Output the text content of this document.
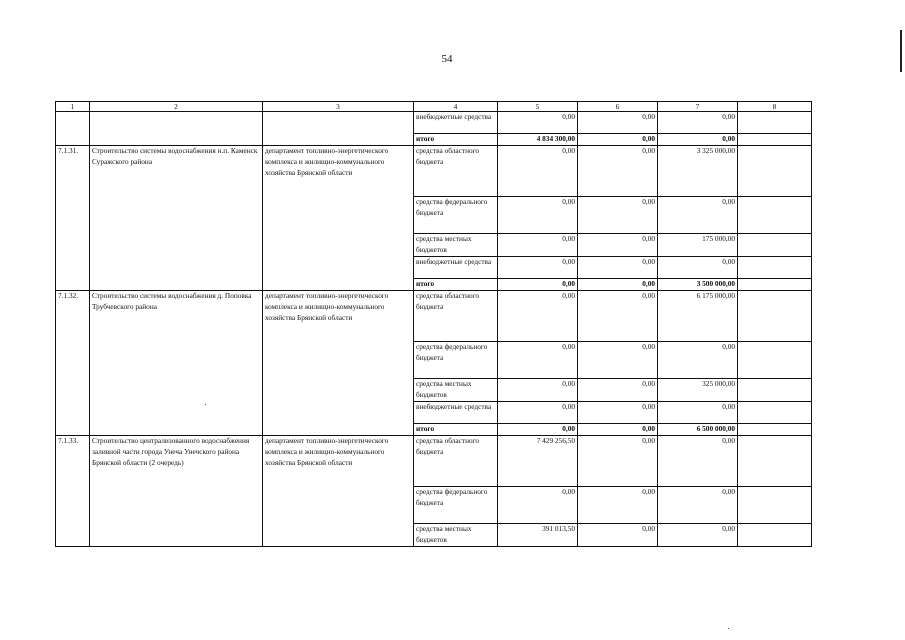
54
1	2	3	4	5	6	7	8
			внебюджетные средства	0,00	0,00	0,00	
			итого	4 834 300,00	0,00	0,00	
7.1.31.	Строительство системы водоснабжения н.п. Каменск Суражского района	департамент топливно-энергетического комплекса и жилищно-коммунального хозяйства Брянской области	средства областного бюджета	0,00	0,00	3 325 000,00	
			средства федерального бюджета	0,00	0,00	0,00	
			средства местных бюджетов	0,00	0,00	175 000,00	
			внебюджетные средства	0,00	0,00	0,00	
			итого	0,00	0,00	3 500 000,00	
7.1.32.	Строительство системы водоснабжения д. Поповка Трубчевского района	департамент топливно-энергетического комплекса и жилищно-коммунального хозяйства Брянской области	средства областного бюджета	0,00	0,00	6 175 000,00	
			средства федерального бюджета	0,00	0,00	0,00	
			средства местных бюджетов	0,00	0,00	325 000,00	
			внебюджетные средства	0,00	0,00	0,00	
			итого	0,00	0,00	6 500 000,00	
7.1.33.	Строительство централизованного водоснабжения заливной части города Унеча Унечского района Брянской области (2 очередь)	департамент топливно-энергетического комплекса и жилищно-коммунального хозяйства Брянской области	средства областного бюджета	7 429 256,50	0,00	0,00	
			средства федерального бюджета	0,00	0,00	0,00	
			средства местных бюджетов	391 013,50	0,00	0,00	
